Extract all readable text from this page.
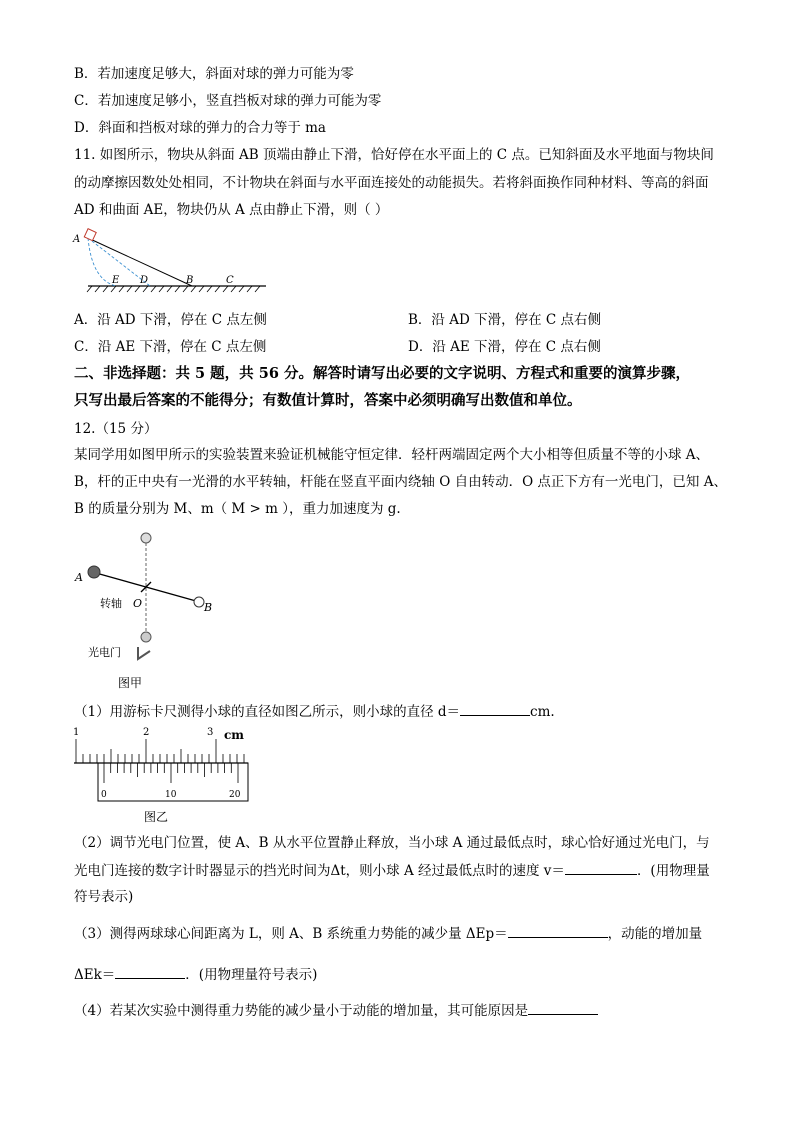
B．若加速度足够大，斜面对球的弹力可能为零
C．若加速度足够小，竖直挡板对球的弹力可能为零
D．斜面和挡板对球的弹力的合力等于 ma
11. 如图所示，物块从斜面 AB 顶端由静止下滑，恰好停在水平面上的 C 点。已知斜面及水平地面与物块间
的动摩擦因数处处相同，不计物块在斜面与水平面连接处的动能损失。若将斜面换作同种材料、等高的斜面
AD 和曲面 AE，物块仍从 A 点由静止下滑，则（ ）
A
E D	B	C
A．沿 AD 下滑，停在 C 点左侧	B．沿 AD 下滑，停在 C 点右侧
C．沿 AE 下滑，停在 C 点左侧	D．沿 AE 下滑，停在 C 点右侧
二、非选择题：共 5 题，共 56 分。解答时请写出必要的文字说明、方程式和重要的演算步骤，
只写出最后答案的不能得分；有数值计算时，答案中必须明确写出数值和单位。
12.（15 分）
某同学用如图甲所示的实验装置来验证机械能守恒定律．轻杆两端固定两个大小相等但质量不等的小球 A、
B，杆的正中央有一光滑的水平转轴，杆能在竖直平面内绕轴 O 自由转动．O 点正下方有一光电门，已知 A、
B 的质量分别为 M、m（ M > m ），重力加速度为 g.
A
B
O
转轴
光电门
图甲
（1）用游标卡尺测得小球的直径如图乙所示，则小球的直径 d＝	cm.
1	2	3 cm
0	10	20
图乙
（2）调节光电门位置，使 A、B 从水平位置静止释放，当小球 A 通过最低点时，球心恰好通过光电门，与
光电门连接的数字计时器显示的挡光时间为Δt，则小球 A 经过最低点时的速度 v＝	．(用物理量
符号表示)
（3）测得两球球心间距离为 L，则 A、B 系统重力势能的减少量 ΔEp＝	，动能的增加量
ΔEk＝	．(用物理量符号表示)
（4）若某次实验中测得重力势能的减少量小于动能的增加量，其可能原因是
